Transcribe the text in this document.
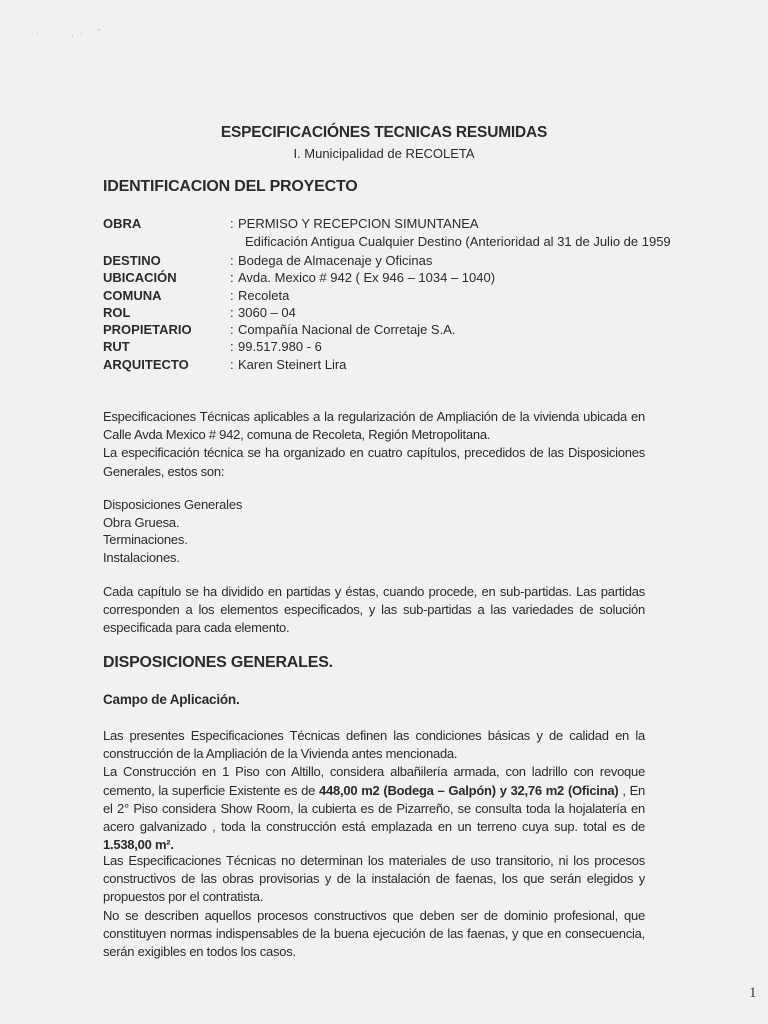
· ˙ ,· ˝
ESPECIFICACIÓNES TECNICAS RESUMIDAS
I. Municipalidad de RECOLETA
IDENTIFICACION DEL PROYECTO
OBRA	: PERMISO Y RECEPCION SIMUNTANEA
Edificación Antigua Cualquier Destino (Anterioridad al 31 de Julio de 1959
DESTINO	: Bodega de Almacenaje y Oficinas
UBICACIÓN	: Avda. Mexico # 942 ( Ex 946 – 1034 – 1040)
COMUNA	: Recoleta
ROL	: 3060 – 04
PROPIETARIO	: Compañía Nacional de Corretaje S.A.
RUT	: 99.517.980 - 6
ARQUITECTO	: Karen Steinert Lira

Especificaciones Técnicas aplicables a la regularización de Ampliación de la vivienda ubicada en Calle Avda Mexico # 942, comuna de Recoleta, Región Metropolitana.

La especificación técnica se ha organizado en cuatro capítulos, precedidos de las Disposiciones Generales, estos son:

Disposiciones Generales
Obra Gruesa.
Terminaciones.
Instalaciones.

Cada capítulo se ha dividido en partidas y éstas, cuando procede, en sub-partidas. Las partidas corresponden a los elementos especificados, y las sub-partidas a las variedades de solución especificada para cada elemento.

DISPOSICIONES GENERALES.
Campo de Aplicación.

Las presentes Especificaciones Técnicas definen las condiciones básicas y de calidad en la construcción de la Ampliación de la Vivienda antes mencionada.

La Construcción en 1 Piso con Altillo, considera albañilería armada, con ladrillo con revoque cemento, la superficie Existente es de 448,00 m2 (Bodega – Galpón) y 32,76 m2 (Oficina) , En el 2° Piso considera Show Room, la cubierta es de Pizarreño, se consulta toda la hojalatería en acero galvanizado , toda la construcción está emplazada en un terreno cuya sup. total es de 1.538,00 m².

Las Especificaciones Técnicas no determinan los materiales de uso transitorio, ni los procesos constructivos de las obras provisorias y de la instalación de faenas, los que serán elegidos y propuestos por el contratista.

No se describen aquellos procesos constructivos que deben ser de dominio profesional, que constituyen normas indispensables de la buena ejecución de las faenas, y que en consecuencia, serán exigibles en todos los casos.

1
